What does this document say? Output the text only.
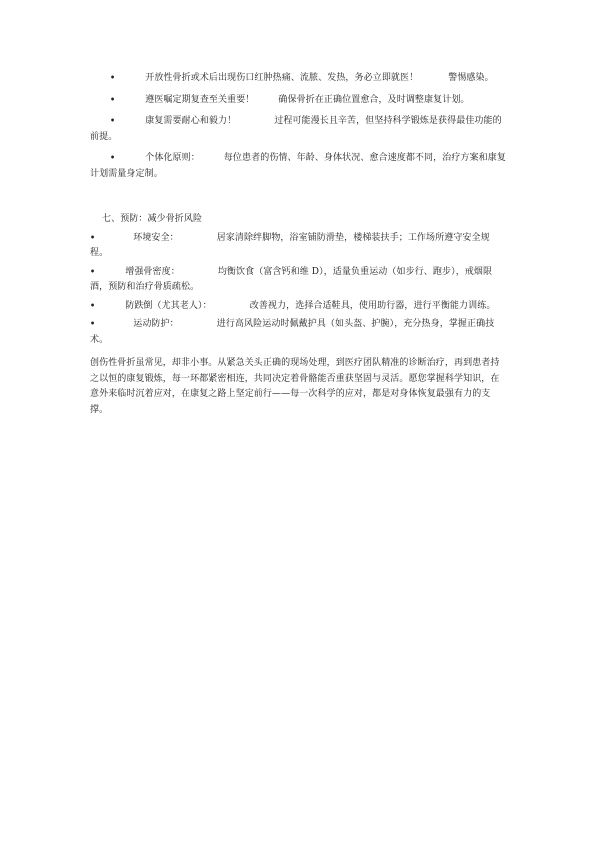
•	开放性骨折或术后出现伤口红肿热痛、流脓、发热，务必立即就医！	警惕感染。

•	遵医嘱定期复查至关重要！	确保骨折在正确位置愈合，及时调整康复计划。

•	康复需要耐心和毅力！	过程可能漫长且辛苦，但坚持科学锻炼是获得最佳功能的前提。

•	个体化原则：	每位患者的伤情、年龄、身体状况、愈合速度都不同，治疗方案和康复计划需量身定制。

七、预防：减少骨折风险

•	环境安全：	居家清除绊脚物，浴室铺防滑垫，楼梯装扶手；工作场所遵守安全规程。

•	增强骨密度：	均衡饮食（富含钙和维 D），适量负重运动（如步行、跑步），戒烟限酒，预防和治疗骨质疏松。

•	防跌倒（尤其老人）：	改善视力，选择合适鞋具，使用助行器，进行平衡能力训练。

•	运动防护：	进行高风险运动时佩戴护具（如头盔、护腕），充分热身，掌握正确技术。

创伤性骨折虽常见，却非小事。从紧急关头正确的现场处理，到医疗团队精准的诊断治疗，再到患者持之以恒的康复锻炼，每一环都紧密相连，共同决定着骨骼能否重获坚固与灵活。愿您掌握科学知识，在意外来临时沉着应对，在康复之路上坚定前行——每一次科学的应对，都是对身体恢复最强有力的支撑。
